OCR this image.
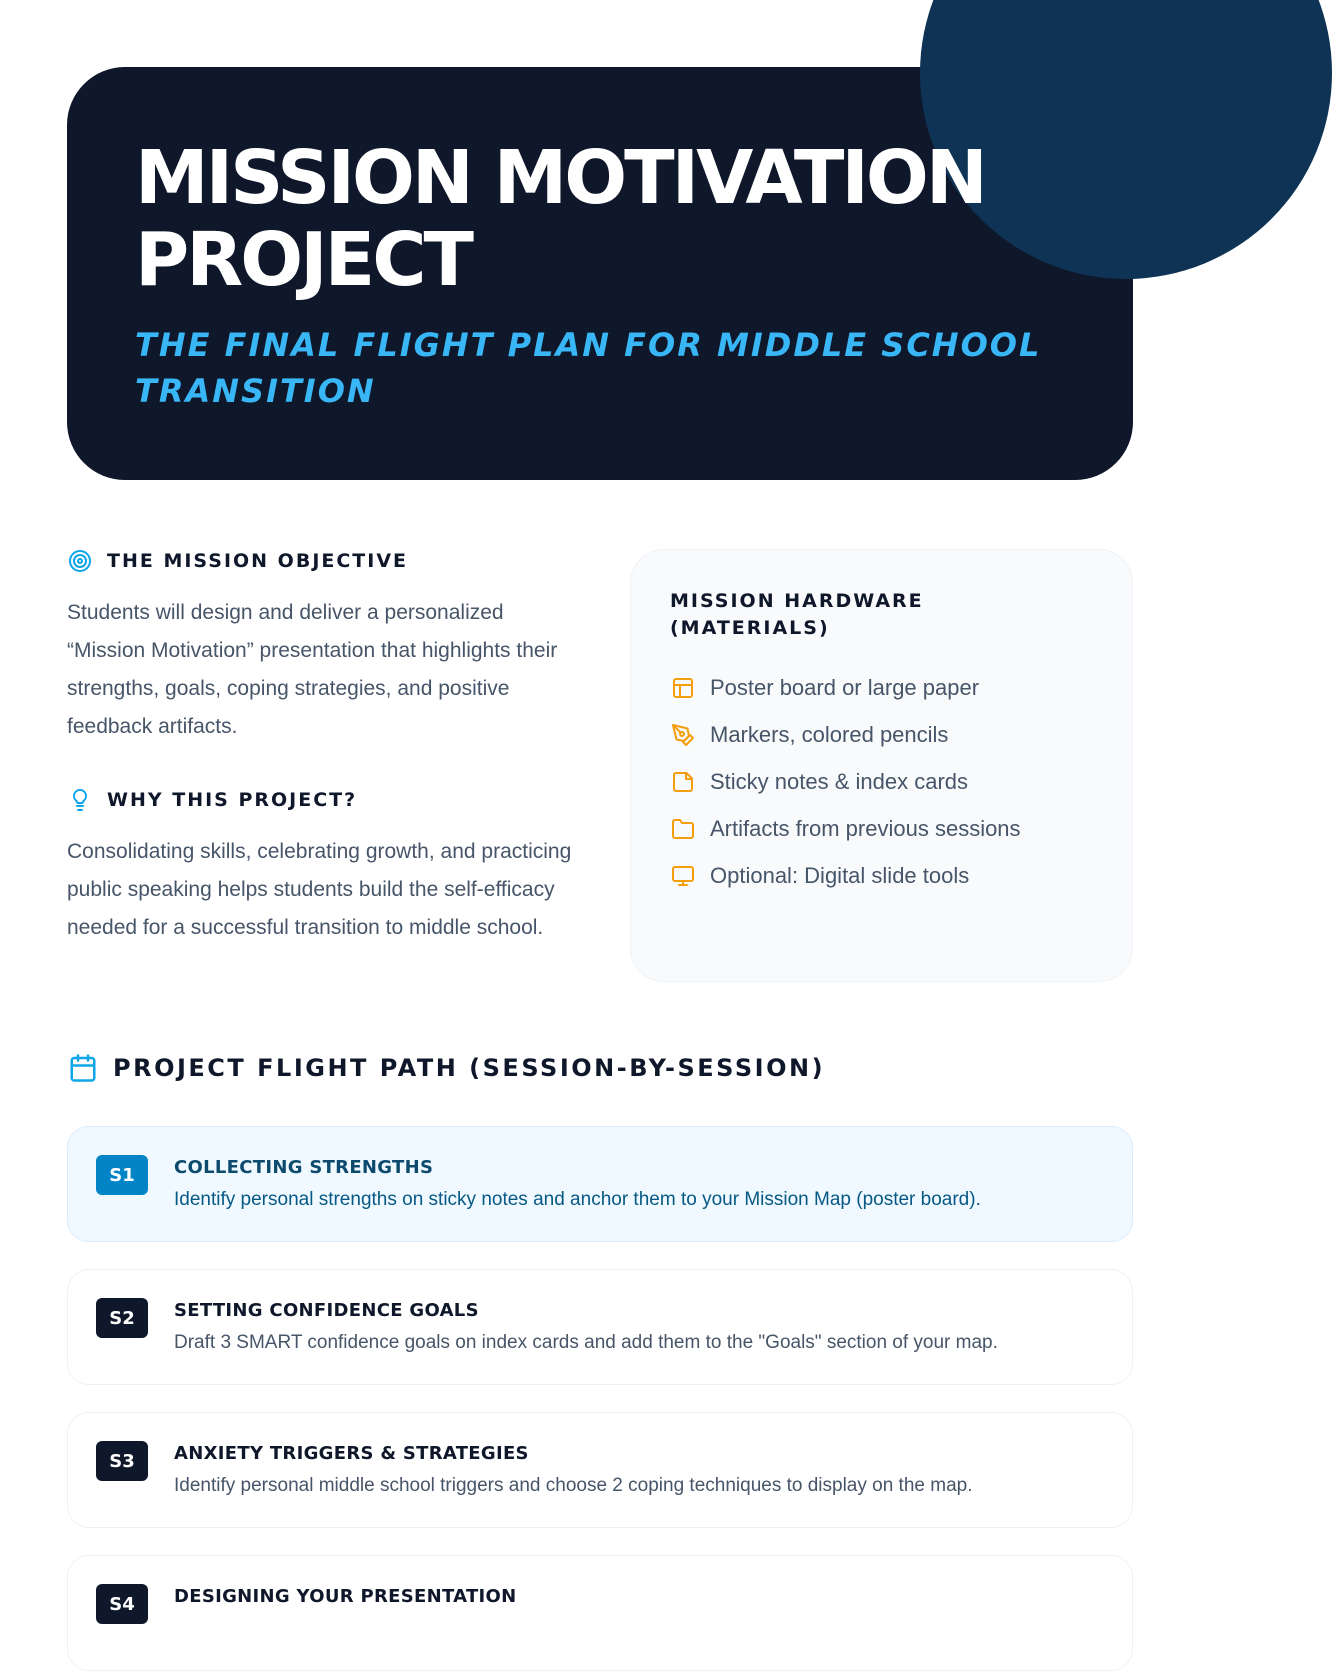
MISSION MOTIVATION PROJECT

THE FINAL FLIGHT PLAN FOR MIDDLE SCHOOL TRANSITION

THE MISSION OBJECTIVE

Students will design and deliver a personalized “Mission Motivation” presentation that highlights their strengths, goals, coping strategies, and positive feedback artifacts.

WHY THIS PROJECT?

Consolidating skills, celebrating growth, and practicing public speaking helps students build the self-efficacy needed for a successful transition to middle school.

MISSION HARDWARE (MATERIALS)
Poster board or large paper
Markers, colored pencils
Sticky notes & index cards
Artifacts from previous sessions
Optional: Digital slide tools
PROJECT FLIGHT PATH (SESSION-BY-SESSION)
S1	COLLECTING STRENGTHS

Identify personal strengths on sticky notes and anchor them to your Mission Map (poster board).

S2	SETTING CONFIDENCE GOALS

Draft 3 SMART confidence goals on index cards and add them to the "Goals" section of your map.

S3	ANXIETY TRIGGERS & STRATEGIES

Identify personal middle school triggers and choose 2 coping techniques to display on the map.

S4	DESIGNING YOUR PRESENTATION
